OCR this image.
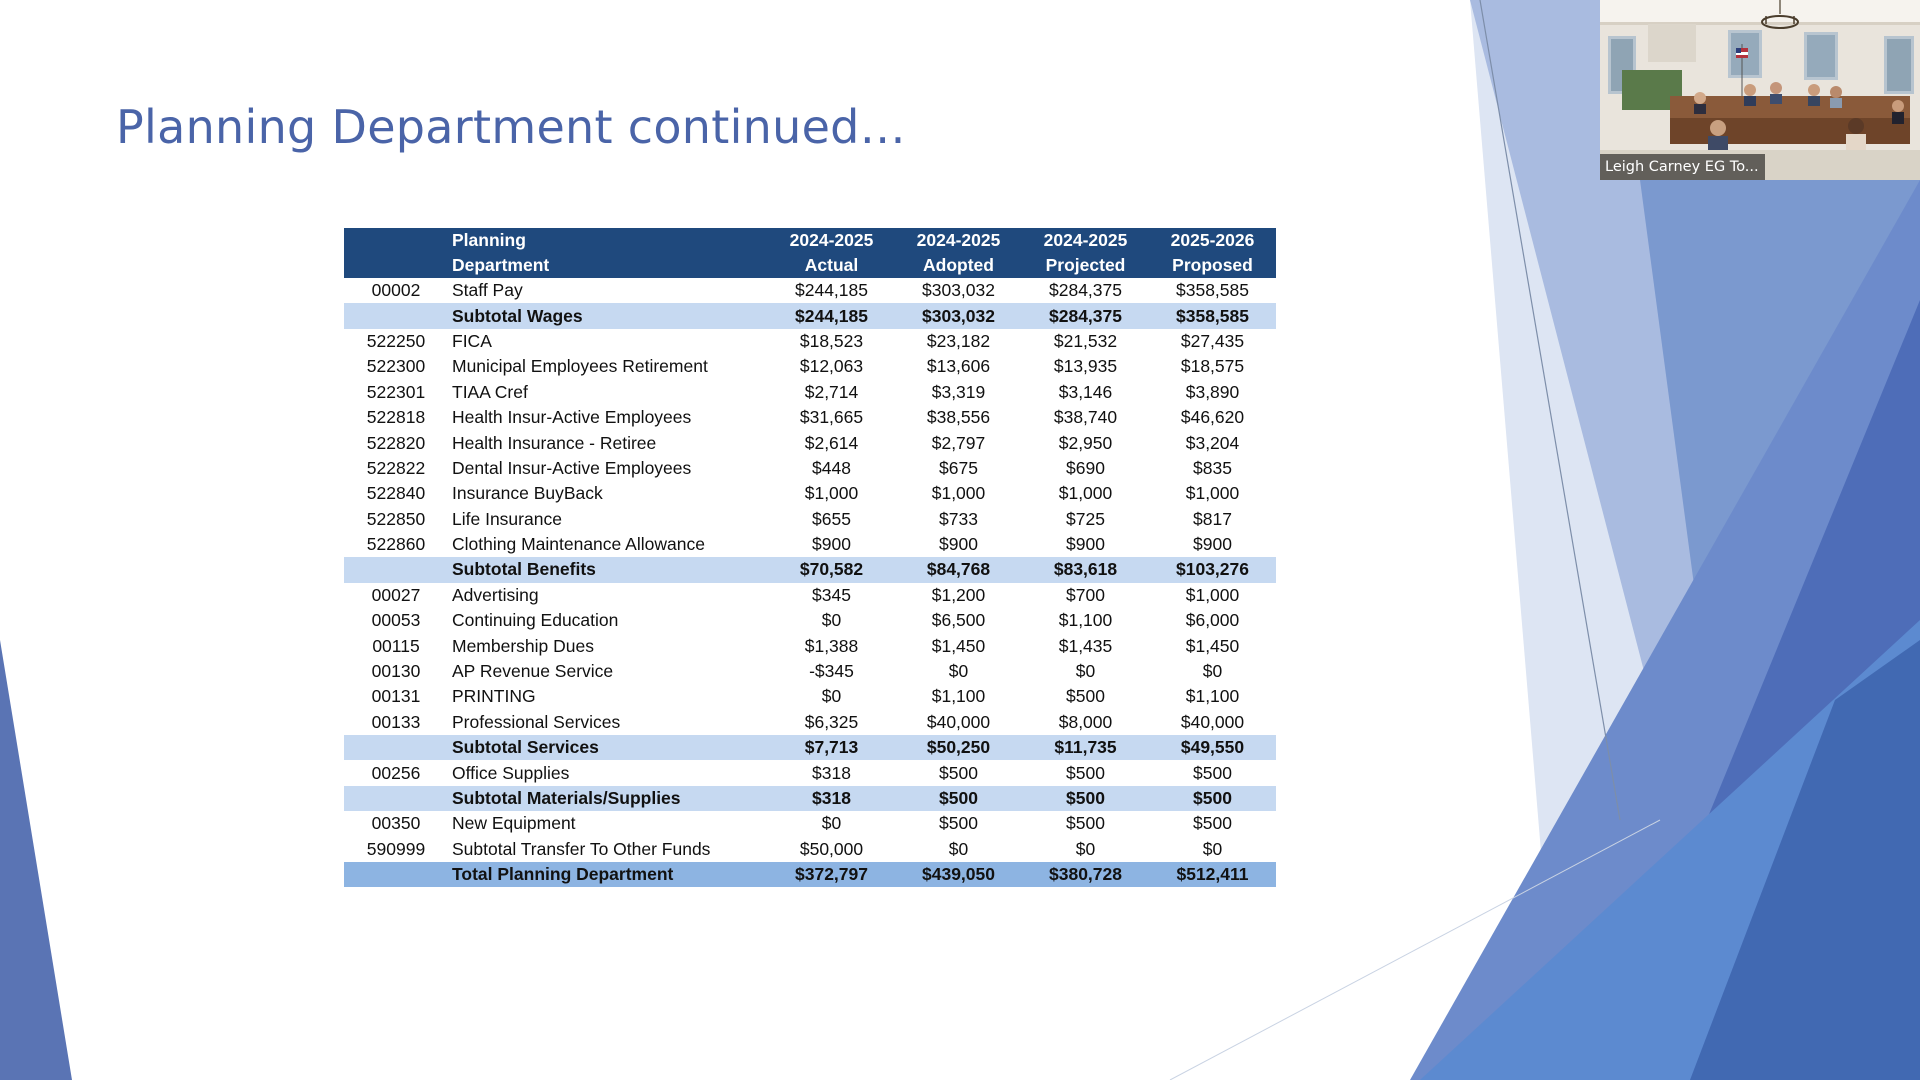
Planning Department continued…
	Planning	2024-2025	2024-2025	2024-2025	2025-2026
	Department	Actual	Adopted	Projected	Proposed
00002	Staff Pay	$244,185	$303,032	$284,375	$358,585
	Subtotal Wages	$244,185	$303,032	$284,375	$358,585
522250	FICA	$18,523	$23,182	$21,532	$27,435
522300	Municipal Employees Retirement	$12,063	$13,606	$13,935	$18,575
522301	TIAA Cref	$2,714	$3,319	$3,146	$3,890
522818	Health Insur-Active Employees	$31,665	$38,556	$38,740	$46,620
522820	Health Insurance - Retiree	$2,614	$2,797	$2,950	$3,204
522822	Dental Insur-Active Employees	$448	$675	$690	$835
522840	Insurance BuyBack	$1,000	$1,000	$1,000	$1,000
522850	Life Insurance	$655	$733	$725	$817
522860	Clothing Maintenance Allowance	$900	$900	$900	$900
	Subtotal Benefits	$70,582	$84,768	$83,618	$103,276
00027	Advertising	$345	$1,200	$700	$1,000
00053	Continuing Education	$0	$6,500	$1,100	$6,000
00115	Membership Dues	$1,388	$1,450	$1,435	$1,450
00130	AP Revenue Service	-$345	$0	$0	$0
00131	PRINTING	$0	$1,100	$500	$1,100
00133	Professional Services	$6,325	$40,000	$8,000	$40,000
	Subtotal Services	$7,713	$50,250	$11,735	$49,550
00256	Office Supplies	$318	$500	$500	$500
	Subtotal Materials/Supplies	$318	$500	$500	$500
00350	New Equipment	$0	$500	$500	$500
590999	Subtotal Transfer To Other Funds	$50,000	$0	$0	$0
	Total Planning Department	$372,797	$439,050	$380,728	$512,411
Leigh Carney EG To...
